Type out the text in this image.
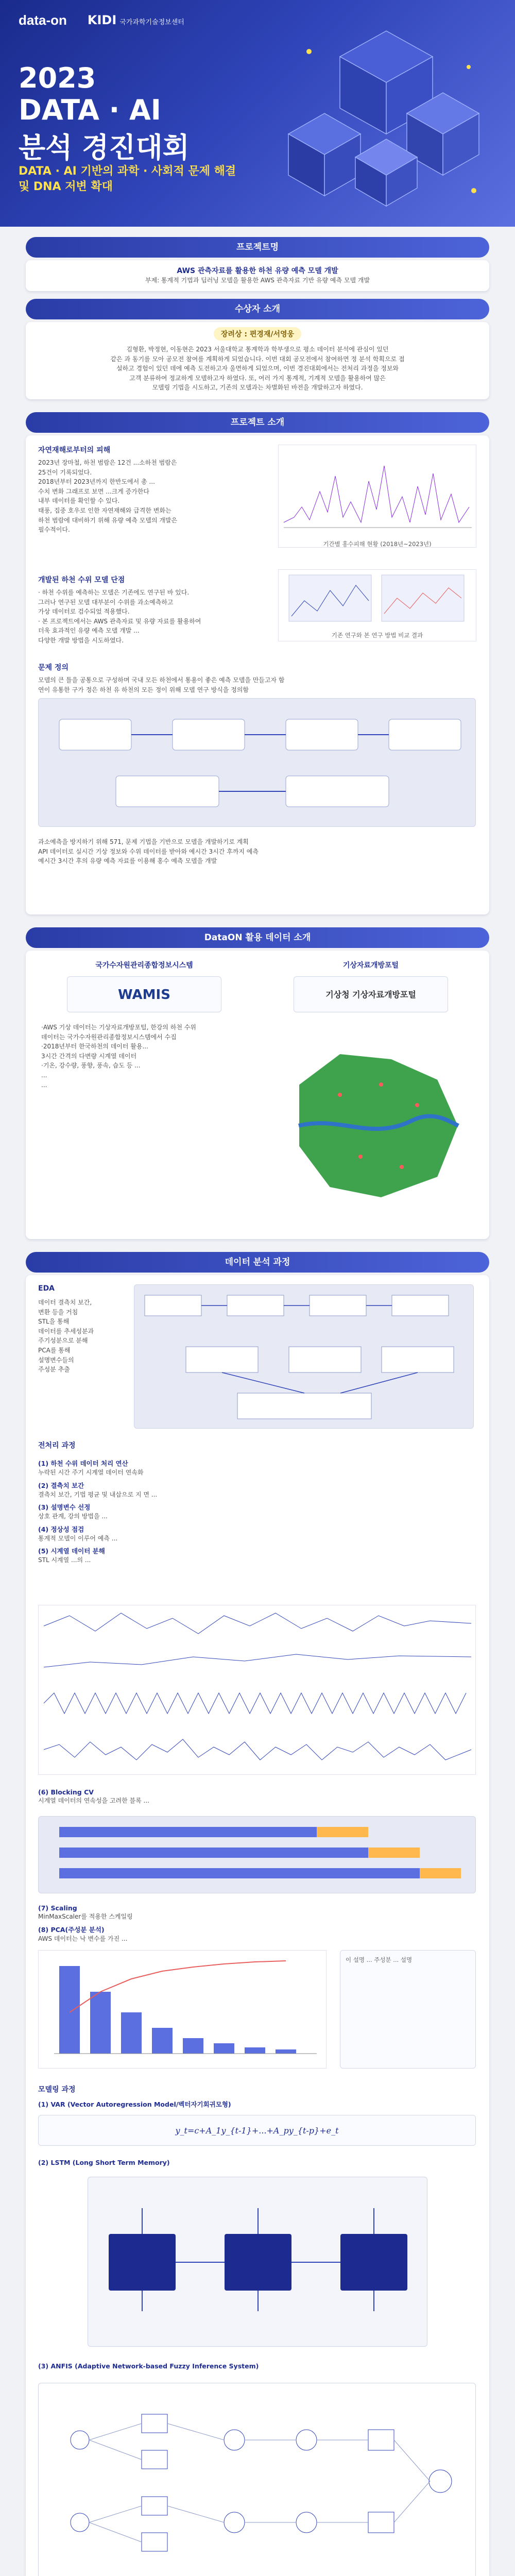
data-on KIDI 국가과학기술정보센터
2023
DATA · AI
분석 경진대회
DATA · AI 기반의 과학 · 사회적 문제 해결
및 DNA 저변 확대
프로젝트명
AWS 관측자료를 활용한 하천 유량 예측 모델 개발
부제: 통계적 기법과 딥러닝 모델을 활용한 AWS 관측자료 기반 유량 예측 모델 개발
수상자 소개
장려상 : 편경재/서영웅
김형환, 박정현, 이동현은 2023 서울대학교 통계학과 학부생으로 평소 데이터 분석에 관심이 있던
같은 과 동기를 모아 공모전 참여를 계획하게 되었습니다. 이번 대회 공모전에서 참여하면 정 분석 학획으로 접
설하고 경험이 있던 데에 예측 도전하고자 울면하게 되었으며, 이번 경진대회에서는 전처리 과정을 정보와
고객 분류하여 정교하게 모델하고자 하였다. 또, 여러 가지 통계적, 기계적 모델을 활용하여 많은
모델링 기법을 시도하고, 기존의 모델과는 차별화된 바전을 개발하고자 하였다.
프로젝트 소개
자연재해로부터의 피해
2023년 장마철, 하천 범람은 12건 ...소하천 범람은
25건이 기록되었다.
2018년부터 2023년까지 한반도에서 총 ...
수치 변화 그래프로 보면 ...크게 증가한다
내부 데이터를 확인할 수 있다.
태풍, 집중 호우로 인한 자연재해와 급격한 변화는
하천 범람에 대비하기 위해 유량 예측 모델의 개발은
필수적이다.
기간별 홍수피해 현황 (2018년~2023년)
개발된 하천 수위 모델 단점
· 하천 수위를 예측하는 모델은 기존에도 연구된 바 있다.
그러나 연구된 모델 대부분이 수위를 과소예측하고
가상 데이터로 검수되었 적용했다.
· 본 프로젝트에서는 AWS 관측자료 및 유량 자료를 활용하여
더욱 효과적인 유량 예측 모델 개발 ...
다양한 개발 방법을 시도하였다.
기존 연구와 본 연구 방법 비교 결과
문제 정의
모델의 큰 틀을 공통으로 구성하며 국내 모든 하천에서 통용이 좋은 예측 모델을 만들고자 함
연이 유통한 구가 정은 하천 유 하천의 모든 정이 위해 모델 연구 방식을 정의함
과소예측을 방지하기 위해 571, 문제 기법을 기반으로 모델을 개발하기로 계획
API 데이터로 실시간 기상 정보와 수위 데이터를 받아와 예시간 3시간 후까지 예측
예시간 3시간 후의 유량 예측 자료를 이용해 홍수 예측 모델을 개발
DataON 활용 데이터 소개
국가수자원관리종합정보시스템	기상자료개방포털
WAMIS	기상청 기상자료개방포털
·AWS 기상 데이터는 기상자료개방포털, 한강의 하천 수위
데이터는 국가수자원관리종합정보시스템에서 수집
·2018년부터 한국하천의 데이터 활용...
3시간 간격의 다변량 시계열 데이터
·기온, 강수량, 풍향, 풍속, 습도 등 ...
...
...
데이터 분석 과정
EDA
데이터 결측치 보간,
변환 등을 거침
STL을 통해
데이터를 추세성분과
주기성분으로 분해
PCA를 통해
설명변수들의
주성분 추출
전처리 과정
(1) 하천 수위 데이터 처리 연산
누락된 시간 주기 시계열 데이터 연속화
(2) 결측치 보간
결측치 보간, 기법 평균 및 내삽으로 지 면 ...
(3) 설명변수 선정
상호 관계, 강의 방법을 ...
(4) 정상성 점검
통계적 모델이 이루어 예측 ...
(5) 시계열 데이터 분해
STL 시계열 ...의 ...
(6) Blocking CV
시계열 데이터의 연속성을 고려한 블록 ...
(7) Scaling
MinMaxScaler를 적용한 스케일링
(8) PCA(주성분 분석)
AWS 데이터는 낙 변수를 가진 ...
이 설명 ... 주성분 ... 설명
모델링 과정
(1) VAR (Vector Autoregression Model/벡터자기회귀모형)
y_t=c+A_1y_{t-1}+...+A_py_{t-p}+e_t
(2) LSTM (Long Short Term Memory)
(3) ANFIS (Adaptive Network-based Fuzzy Inference System)
